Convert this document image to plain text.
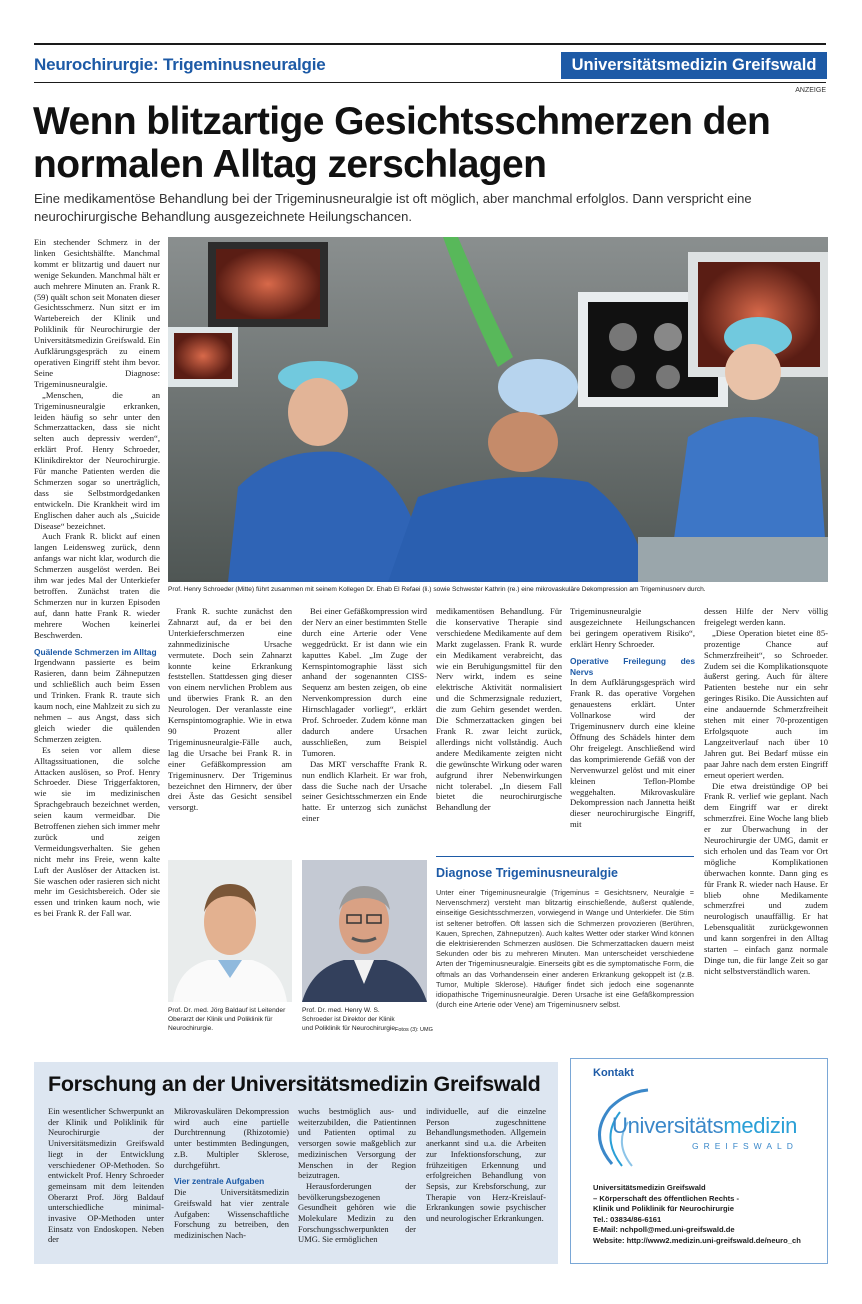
Neurochirurgie: Trigeminusneuralgie	Universitätsmedizin Greifswald
ANZEIGE
Wenn blitzartige Gesichtsschmerzen den normalen Alltag zerschlagen
Eine medikamentöse Behandlung bei der Trigeminusneuralgie ist oft möglich, aber manchmal erfolglos. Dann verspricht eine neurochirurgische Behandlung ausgezeichnete Heilungschancen.

Ein stechender Schmerz in der linken Gesichtshälfte. Manchmal kommt er blitzartig und dauert nur wenige Sekunden. Manchmal hält er auch mehrere Minuten an. Frank R. (59) quält schon seit Monaten dieser Gesichtsschmerz. Nun sitzt er im Wartebereich der Klinik und Poliklinik für Neurochirurgie der Universitätsmedizin Greifswald. Ein Aufklärungsgespräch zu einem operativen Eingriff steht ihm bevor. Seine Diagnose: Trigeminusneuralgie.

„Menschen, die an Trigeminusneuralgie erkranken, leiden häufig so sehr unter den Schmerzattacken, dass sie nicht selten auch depressiv werden“, erklärt Prof. Henry Schroeder, Klinikdirektor der Neurochirurgie. Für manche Patienten werden die Schmerzen sogar so unerträglich, dass sie Selbstmordgedanken entwickeln. Die Krankheit wird im Englischen daher auch als „Suicide Disease“ bezeichnet.

Auch Frank R. blickt auf einen langen Leidensweg zurück, denn anfangs war nicht klar, wodurch die Schmerzen ausgelöst werden. Bei ihm war jedes Mal der Unterkiefer betroffen. Zunächst traten die Schmerzen nur in kurzen Episoden auf, dann hatte Frank R. wieder mehrere Wochen keinerlei Beschwerden.

Quälende Schmerzen im Alltag

Irgendwann passierte es beim Rasieren, dann beim Zähneputzen und schließlich auch beim Essen und Trinken. Frank R. traute sich kaum noch, eine Mahlzeit zu sich zu nehmen – aus Angst, dass sich gleich wieder die quälenden Schmerzen zeigten.

Es seien vor allem diese Alltagssituationen, die solche Attacken auslösen, so Prof. Henry Schroeder. Diese Triggerfaktoren, wie sie im medizinischen Sprachgebrauch bezeichnet werden, seien kaum vermeidbar. Die Betroffenen ziehen sich immer mehr zurück und zeigen Vermeidungsverhalten. Sie gehen nicht mehr ins Freie, wenn kalte Luft der Auslöser der Attacken ist. Sie waschen oder rasieren sich nicht mehr im Gesichtsbereich. Oder sie essen und trinken kaum noch, wie es bei Frank R. der Fall war.

Prof. Henry Schroeder (Mitte) führt zusammen mit seinem Kollegen Dr. Ehab El Refaei (li.) sowie Schwester Kathrin (re.) eine mikrovaskuläre Dekompression am Trigeminusnerv durch.

Frank R. suchte zunächst den Zahnarzt auf, da er bei den Unterkieferschmerzen eine zahnmedizinische Ursache vermutete. Doch sein Zahnarzt konnte keine Erkrankung feststellen. Stattdessen ging dieser von einem nervlichen Problem aus und überwies Frank R. an den Neurologen. Der veranlasste eine Kernspintomographie. Wie in etwa 90 Prozent aller Trigeminusneuralgie-Fälle auch, lag die Ursache bei Frank R. in einer Gefäßkompression am Trigeminusnerv. Der Trigeminus bezeichnet den Hirnnerv, der über drei Äste das Gesicht sensibel versorgt.

Bei einer Gefäßkompression wird der Nerv an einer bestimmten Stelle durch eine Arterie oder Vene weggedrückt. Er ist dann wie ein kaputtes Kabel. „Im Zuge der Kernspintomographie lässt sich anhand der sogenannten CISS-Sequenz am besten zeigen, ob eine Nervenkompression durch eine Hirnschlagader vorliegt“, erklärt Prof. Schroeder. Zudem könne man dadurch andere Ursachen ausschließen, zum Beispiel Tumoren.

Das MRT verschaffte Frank R. nun endlich Klarheit. Er war froh, dass die Suche nach der Ursache seiner Gesichtsschmerzen ein Ende hatte. Er unterzog sich zunächst einer

medikamentösen Behandlung. Für die konservative Therapie sind verschiedene Medikamente auf dem Markt zugelassen. Frank R. wurde ein Medikament verabreicht, das wie ein Beruhigungsmittel für den Nerv wirkt, indem es seine elektrische Aktivität normalisiert und die Schmerzsignale reduziert, die zum Gehirn gesendet werden. Die Schmerzattacken gingen bei Frank R. zwar leicht zurück, allerdings nicht vollständig. Auch andere Medikamente zeigten nicht die gewünschte Wirkung oder waren aufgrund ihrer Nebenwirkungen nicht tolerabel. „In diesem Fall bietet die neurochirurgische Behandlung der

Trigeminusneuralgie ausgezeichnete Heilungschancen bei geringem operativem Risiko“, erklärt Henry Schroeder.

Operative Freilegung des Nervs

In dem Aufklärungsgespräch wird Frank R. das operative Vorgehen genauestens erklärt. Unter Vollnarkose wird der Trigeminusnerv durch eine kleine Öffnung des Schädels hinter dem Ohr freigelegt. Anschließend wird das komprimierende Gefäß von der Nervenwurzel gelöst und mit einer kleinen Teflon-Plombe weggehalten. Mikrovaskuläre Dekompression nach Jannetta heißt dieser neurochirurgische Eingriff, mit

dessen Hilfe der Nerv völlig freigelegt werden kann.

„Diese Operation bietet eine 85-prozentige Chance auf Schmerzfreiheit“, so Schroeder. Zudem sei die Komplikationsquote äußerst gering. Auch für ältere Patienten bestehe nur ein sehr geringes Risiko. Die Aussichten auf eine andauernde Schmerzfreiheit stehen mit einer 70-prozentigen Erfolgsquote auch im Langzeitverlauf nach über 10 Jahren gut. Bei Bedarf müsse ein paar Jahre nach dem ersten Eingriff erneut operiert werden.

Die etwa dreistündige OP bei Frank R. verlief wie geplant. Nach dem Eingriff war er direkt schmerzfrei. Eine Woche lang blieb er zur Überwachung in der Neurochirurgie der UMG, damit er sich erholen und das Team vor Ort mögliche Komplikationen überwachen konnte. Dann ging es für Frank R. wieder nach Hause. Er blieb ohne Medikamente schmerzfrei und zudem neurologisch unauffällig. Er hat Lebensqualität zurückgewonnen und kann sorgenfrei in den Alltag starten – einfach ganz normale Dinge tun, die für lange Zeit so gar nicht selbstverständlich waren.

Prof. Dr. med. Jörg Baldauf ist Leitender Oberarzt der Klinik und Poliklinik für Neurochirurgie.
Prof. Dr. med. Henry W. S. Schroeder ist Direktor der Klinik und Poliklinik für Neurochirurgie.
Fotos (3): UMG
Diagnose Trigeminusneuralgie
Unter einer Trigeminusneuralgie (Trigeminus = Gesichtsnerv, Neuralgie = Nervenschmerz) versteht man blitzartig einschießende, äußerst quälende, einseitige Gesichtsschmerzen, vorwiegend in Wange und Unterkiefer. Die Stirn ist seltener betroffen. Oft lassen sich die Schmerzen provozieren (Berühren, Kauen, Sprechen, Zähneputzen). Auch kaltes Wetter oder starker Wind können die elektrisierenden Schmerzen auslösen. Die Schmerzattacken dauern meist Sekunden oder bis zu mehreren Minuten. Man unterscheidet verschiedene Arten der Trigeminusneuralgie. Einerseits gibt es die symptomatische Form, die oftmals an das Vorhandensein einer anderen Erkrankung gekoppelt ist (z.B. Tumor, Multiple Sklerose). Häufiger findet sich jedoch eine sogenannte idiopathische Trigeminusneuralgie. Deren Ursache ist eine Gefäßkompression (durch eine Arterie oder Vene) am Trigeminusnerv selbst.
Forschung an der Universitätsmedizin Greifswald

Ein wesentlicher Schwerpunkt an der Klinik und Poliklinik für Neurochirurgie der Universitätsmedizin Greifswald liegt in der Entwicklung verschiedener OP-Methoden. So entwickelt Prof. Henry Schroeder gemeinsam mit dem leitenden Oberarzt Prof. Jörg Baldauf unterschiedliche minimal-invasive OP-Methoden unter Einsatz von Endoskopen. Neben der

Mikrovaskulären Dekompression wird auch eine partielle Durchtrennung (Rhizotomie) unter bestimmten Bedingungen, z.B. Multipler Sklerose, durchgeführt.

Vier zentrale Aufgaben

Die Universitätsmedizin Greifswald hat vier zentrale Aufgaben: Wissenschaftliche Forschung zu betreiben, den medizinischen Nach-

wuchs bestmöglich aus- und weiterzubilden, die Patientinnen und Patienten optimal zu versorgen sowie maßgeblich zur medizinischen Versorgung der Menschen in der Region beizutragen.

Herausforderungen der bevölkerungsbezogenen Gesundheit gehören wie die Molekulare Medizin zu den Forschungsschwerpunkten der UMG. Sie ermöglichen

individuelle, auf die einzelne Person zugeschnittene Behandlungsmethoden. Allgemein anerkannt sind u.a. die Arbeiten zur Infektionsforschung, zur frühzeitigen Erkennung und erfolgreichen Behandlung von Sepsis, zur Krebsforschung, zur Therapie von Herz-Kreislauf-Erkrankungen sowie psychischer und neurologischer Erkrankungen.

Kontakt
Universitätsmedizin
GREIFSWALD
Universitätsmedizin Greifswald
– Körperschaft des öffentlichen Rechts -
Klinik und Poliklinik für Neurochirurgie
Tel.: 03834/86-6161
E-Mail: nchpoll@med.uni-greifswald.de
Website: http://www2.medizin.uni-greifswald.de/neuro_ch
